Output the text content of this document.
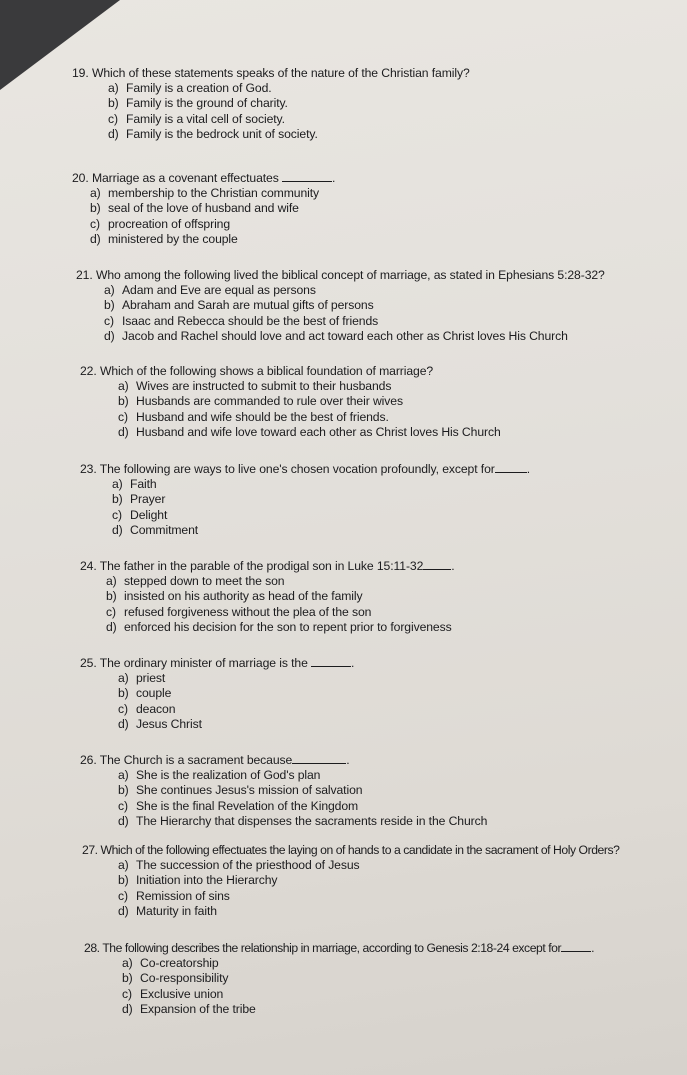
19. Which of these statements speaks of the nature of the Christian family?
a) Family is a creation of God.
b) Family is the ground of charity.
c) Family is a vital cell of society.
d) Family is the bedrock unit of society.
20. Marriage as a covenant effectuates	.
a) membership to the Christian community
b) seal of the love of husband and wife
c) procreation of offspring
d) ministered by the couple
21. Who among the following lived the biblical concept of marriage, as stated in Ephesians 5:28-32?
a) Adam and Eve are equal as persons
b) Abraham and Sarah are mutual gifts of persons
c) Isaac and Rebecca should be the best of friends
d) Jacob and Rachel should love and act toward each other as Christ loves His Church
22. Which of the following shows a biblical foundation of marriage?
a) Wives are instructed to submit to their husbands
b) Husbands are commanded to rule over their wives
c) Husband and wife should be the best of friends.
d) Husband and wife love toward each other as Christ loves His Church
23. The following are ways to live one's chosen vocation profoundly, except for	.
a) Faith
b) Prayer
c) Delight
d) Commitment
24. The father in the parable of the prodigal son in Luke 15:11-32 .
a) stepped down to meet the son
b) insisted on his authority as head of the family
c) refused forgiveness without the plea of the son
d) enforced his decision for the son to repent prior to forgiveness
25. The ordinary minister of marriage is the	.
a) priest
b) couple
c) deacon
d) Jesus Christ
26. The Church is a sacrament because	.
a) She is the realization of God's plan
b) She continues Jesus's mission of salvation
c) She is the final Revelation of the Kingdom
d) The Hierarchy that dispenses the sacraments reside in the Church
27. Which of the following effectuates the laying on of hands to a candidate in the sacrament of Holy Orders?
a) The succession of the priesthood of Jesus
b) Initiation into the Hierarchy
c) Remission of sins
d) Maturity in faith
28. The following describes the relationship in marriage, according to Genesis 2:18-24 except for .
a) Co-creatorship
b) Co-responsibility
c) Exclusive union
d) Expansion of the tribe
